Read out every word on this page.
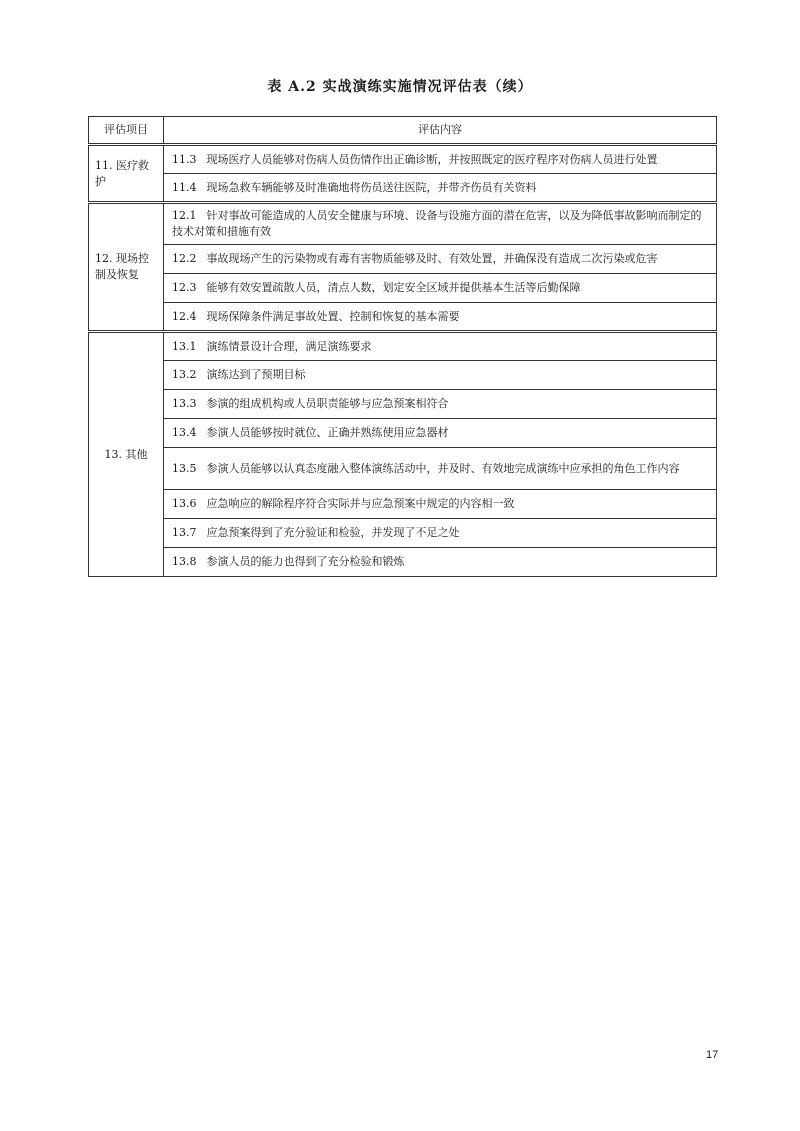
表 A.2 实战演练实施情况评估表（续）
评估项目	评估内容
11. 医疗救护	11.3 现场医疗人员能够对伤病人员伤情作出正确诊断，并按照既定的医疗程序对伤病人员进行处置
	11.4 现场急救车辆能够及时准确地将伤员送往医院，并带齐伤员有关资料
12. 现场控制及恢复	12.1 针对事故可能造成的人员安全健康与环境、设备与设施方面的潜在危害，以及为降低事故影响而制定的技术对策和措施有效
	12.2 事故现场产生的污染物或有毒有害物质能够及时、有效处置，并确保没有造成二次污染或危害
	12.3 能够有效安置疏散人员，清点人数，划定安全区域并提供基本生活等后勤保障
	12.4 现场保障条件满足事故处置、控制和恢复的基本需要
13. 其他	13.1 演练情景设计合理，满足演练要求
	13.2 演练达到了预期目标
	13.3 参演的组成机构或人员职责能够与应急预案相符合
	13.4 参演人员能够按时就位、正确并熟练使用应急器材
	13.5 参演人员能够以认真态度融入整体演练活动中，并及时、有效地完成演练中应承担的角色工作内容
	13.6 应急响应的解除程序符合实际并与应急预案中规定的内容相一致
	13.7 应急预案得到了充分验证和检验，并发现了不足之处
	13.8 参演人员的能力也得到了充分检验和锻炼
17
